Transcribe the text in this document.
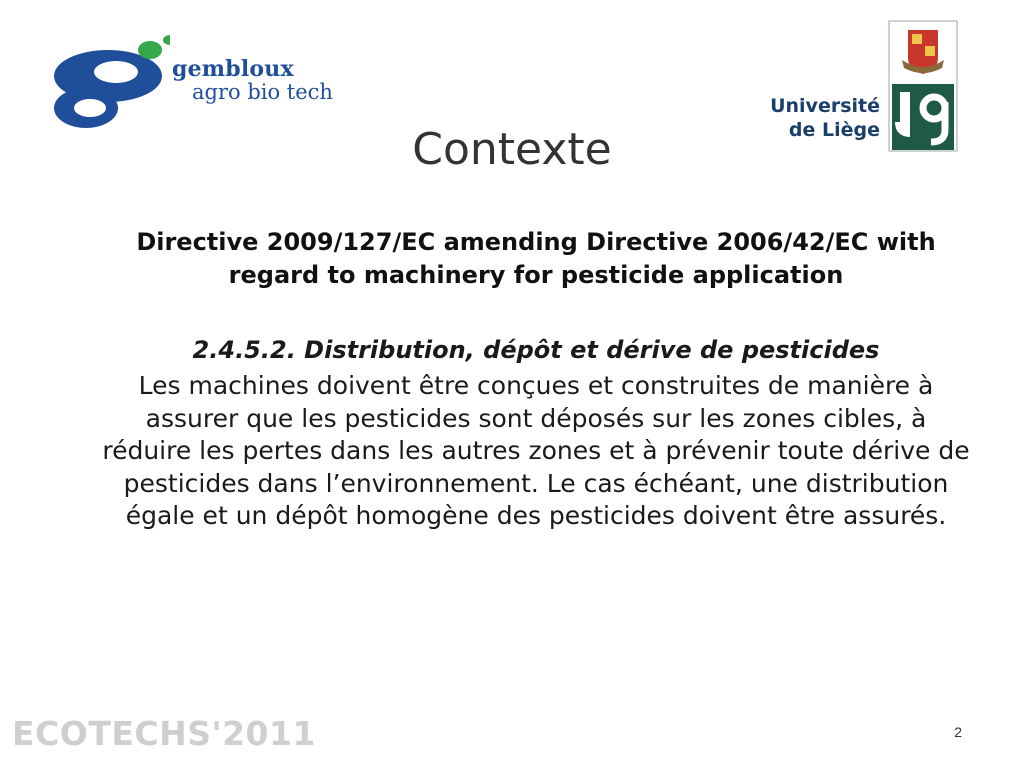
gembloux
agro bio tech
Université
de Liège
Contexte

Directive 2009/127/EC amending Directive 2006/42/EC with regard to machinery for pesticide application

2.4.5.2. Distribution, dépôt et dérive de pesticides

Les machines doivent être conçues et construites de manière à assurer que les pesticides sont déposés sur les zones cibles, à réduire les pertes dans les autres zones et à prévenir toute dérive de pesticides dans l’environnement. Le cas échéant, une distribution égale et un dépôt homogène des pesticides doivent être assurés.

ECOTECHS'2011	2
